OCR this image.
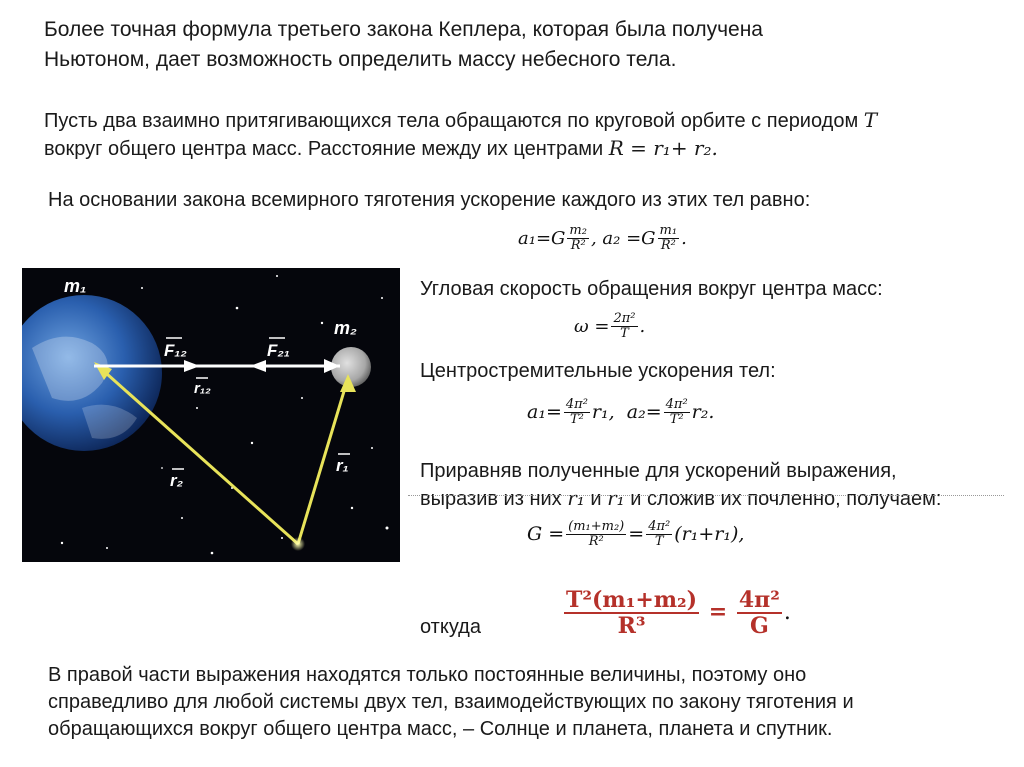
Более точная формула третьего закона Кеплера, которая была получена
Ньютоном, дает возможность определить массу небесного тела.
Пусть два взаимно притягивающихся тела обращаются по круговой орбите с периодом T
вокруг общего центра масс. Расстояние между их центрами R = r₁+ r₂.
На основании закона всемирного тяготения ускорение каждого из этих тел равно:
$a_1=G \frac{\text{m₂}}{\text{R²}}$ , $a_2 =G \frac{\text{m₁}}{\text{R²}}$ .
m₁
m₂
F₁₂	F₂₁
r₁₂
r₁
r₂
Угловая скорость обращения вокруг центра масс:
$\omega = \frac{\text{2π²}}{T}$ .
Центростремительные ускорения тел:
$a_1= \frac{\text{4π²}}{\text{T²}} r_1$, $a_2= \frac{\text{4π²}}{\text{T²}} r_2$.
Приравняв полученные для ускорений выражения,
выразив из них r₁ и r₁ и сложив их почленно, получаем:
$G = \frac{\text{(m₁+m₂)}}{\text{R²}} = \frac{\text{4π²}}{T} (r_1+r_1)$,
откуда	$\frac{\text{T²(m₁+m₂)}}{\text{R³}} = \frac{\text{4π²}}{G}$ .
В правой части выражения находятся только постоянные величины, поэтому оно
справедливо для любой системы двух тел, взаимодействующих по закону тяготения и
обращающихся вокруг общего центра масс, – Солнце и планета, планета и спутник.
